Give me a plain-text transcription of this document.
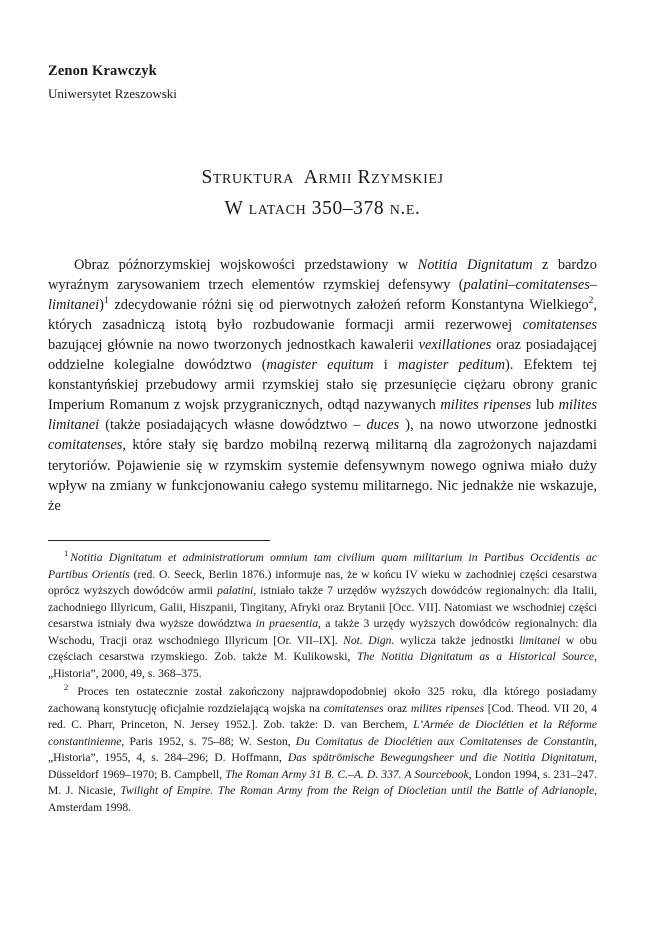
Zenon Krawczyk
Uniwersytet Rzeszowski
Struktura  Armii Rzymskiej
W latach 350–378 n.e.

Obraz późnorzymskiej wojskowości przedstawiony w Notitia Dignitatum z bardzo wyraźnym zarysowaniem trzech elementów rzymskiej defensywy (palatini–comitatenses–limitanei)$^1$ zdecydowanie różni się od pierwotnych założeń reform Konstantyna Wielkiego$^2$, których zasadniczą istotą było rozbudowanie formacji armii rezerwowej comitatenses bazującej głównie na nowo tworzonych jednostkach kawalerii vexillationes oraz posiadającej oddzielne kolegialne dowództwo (magister equitum i magister peditum). Efektem tej konstantyńskiej przebudowy armii rzymskiej stało się przesunięcie ciężaru obrony granic Imperium Romanum z wojsk przygranicznych, odtąd nazywanych milites ripenses lub milites limitanei (także posiadających własne dowództwo – duces ), na nowo utworzone jednostki comitatenses, które stały się bardzo mobilną rezerwą militarną dla zagrożonych najazdami terytoriów. Pojawienie się w rzymskim systemie defensywnym nowego ogniwa miało duży wpływ na zmiany w funkcjonowaniu całego systemu militarnego. Nic jednakże nie wskazuje, że

$^1$ Notitia Dignitatum et administratiorum omnium tam civilium quam militarium in Partibus Occidentis ac Partibus Orientis (red. O. Seeck, Berlin 1876.) informuje nas, że w końcu IV wieku w zachodniej części cesarstwa oprócz wyższych dowódców armii palatini, istniało także 7 urzędów wyższych dowódców regionalnych: dla Italii, zachodniego Illyricum, Galii, Hiszpanii, Tingitany, Afryki oraz Brytanii [Occ. VII]. Natomiast we wschodniej części cesarstwa istniały dwa wyższe dowództwa in praesentia, a także 3 urzędy wyższych dowódców regionalnych: dla Wschodu, Tracji oraz wschodniego Illyricum [Or. VII–IX]. Not. Dign. wylicza także jednostki limitanei w obu częściach cesarstwa rzymskiego. Zob. także M. Kulikowski, The Notitia Dignitatum as a Historical Source, „Historia”, 2000, 49, s. 368–375.

$^2$ Proces ten ostatecznie został zakończony najprawdopodobniej około 325 roku, dla którego posiadamy zachowaną konstytucję oficjalnie rozdzielającą wojska na comitatenses oraz milites ripenses [Cod. Theod. VII 20, 4 red. C. Pharr, Princeton, N. Jersey 1952.]. Zob. także: D. van Berchem, L’Armée de Dioclétien et la Réforme constantinienne, Paris 1952, s. 75–88; W. Seston, Du Comitatus de Dioclétien aux Comitatenses de Constantin, „Historia”, 1955, 4, s. 284–296; D. Hoffmann, Das spätrömische Bewegungsheer und die Notitia Dignitatum, Düsseldorf 1969–1970; B. Campbell, The Roman Army 31 B. C.–A. D. 337. A Sourcebook, London 1994, s. 231–247. M. J. Nicasie, Twilight of Empire. The Roman Army from the Reign of Diocletian until the Battle of Adrianople, Amsterdam 1998.
